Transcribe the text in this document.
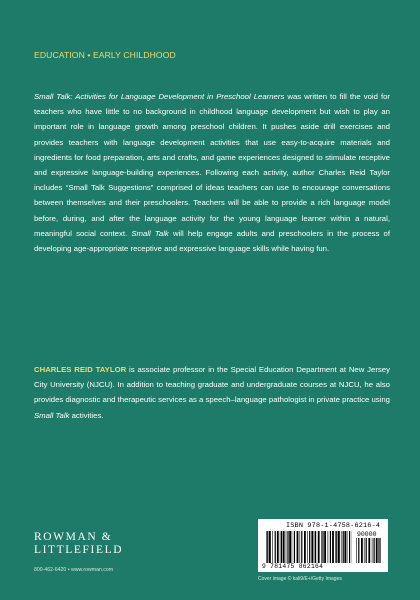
EDUCATION • EARLY CHILDHOOD

Small Talk: Activities for Language Development in Preschool Learners was written to fill the void for teachers who have little to no background in childhood language development but wish to play an important role in language growth among preschool children. It pushes aside drill exercises and provides teachers with language development activities that use easy-to-acquire materials and ingredients for food preparation, arts and crafts, and game experiences designed to stimulate receptive and expressive language-building experiences. Following each activity, author Charles Reid Taylor includes “Small Talk Suggestions” comprised of ideas teachers can use to encourage conversations between themselves and their preschoolers. Teachers will be able to provide a rich language model before, during, and after the language activity for the young language learner within a natural, meaningful social context. Small Talk will help engage adults and preschoolers in the process of developing age-appropriate receptive and expressive language skills while having fun.

CHARLES REID TAYLOR is associate professor in the Special Education Department at New Jersey City University (NJCU). In addition to teaching graduate and undergraduate courses at NJCU, he also provides diagnostic and therapeutic services as a speech–language pathologist in private practice using Small Talk activities.

ROWMAN &
LITTLEFIELD
800-462-6420 • www.rowman.com
ISBN 978-1-4758-6216-4
90000
9 781475 862164
Cover image © kali9/E+/Getty Images
